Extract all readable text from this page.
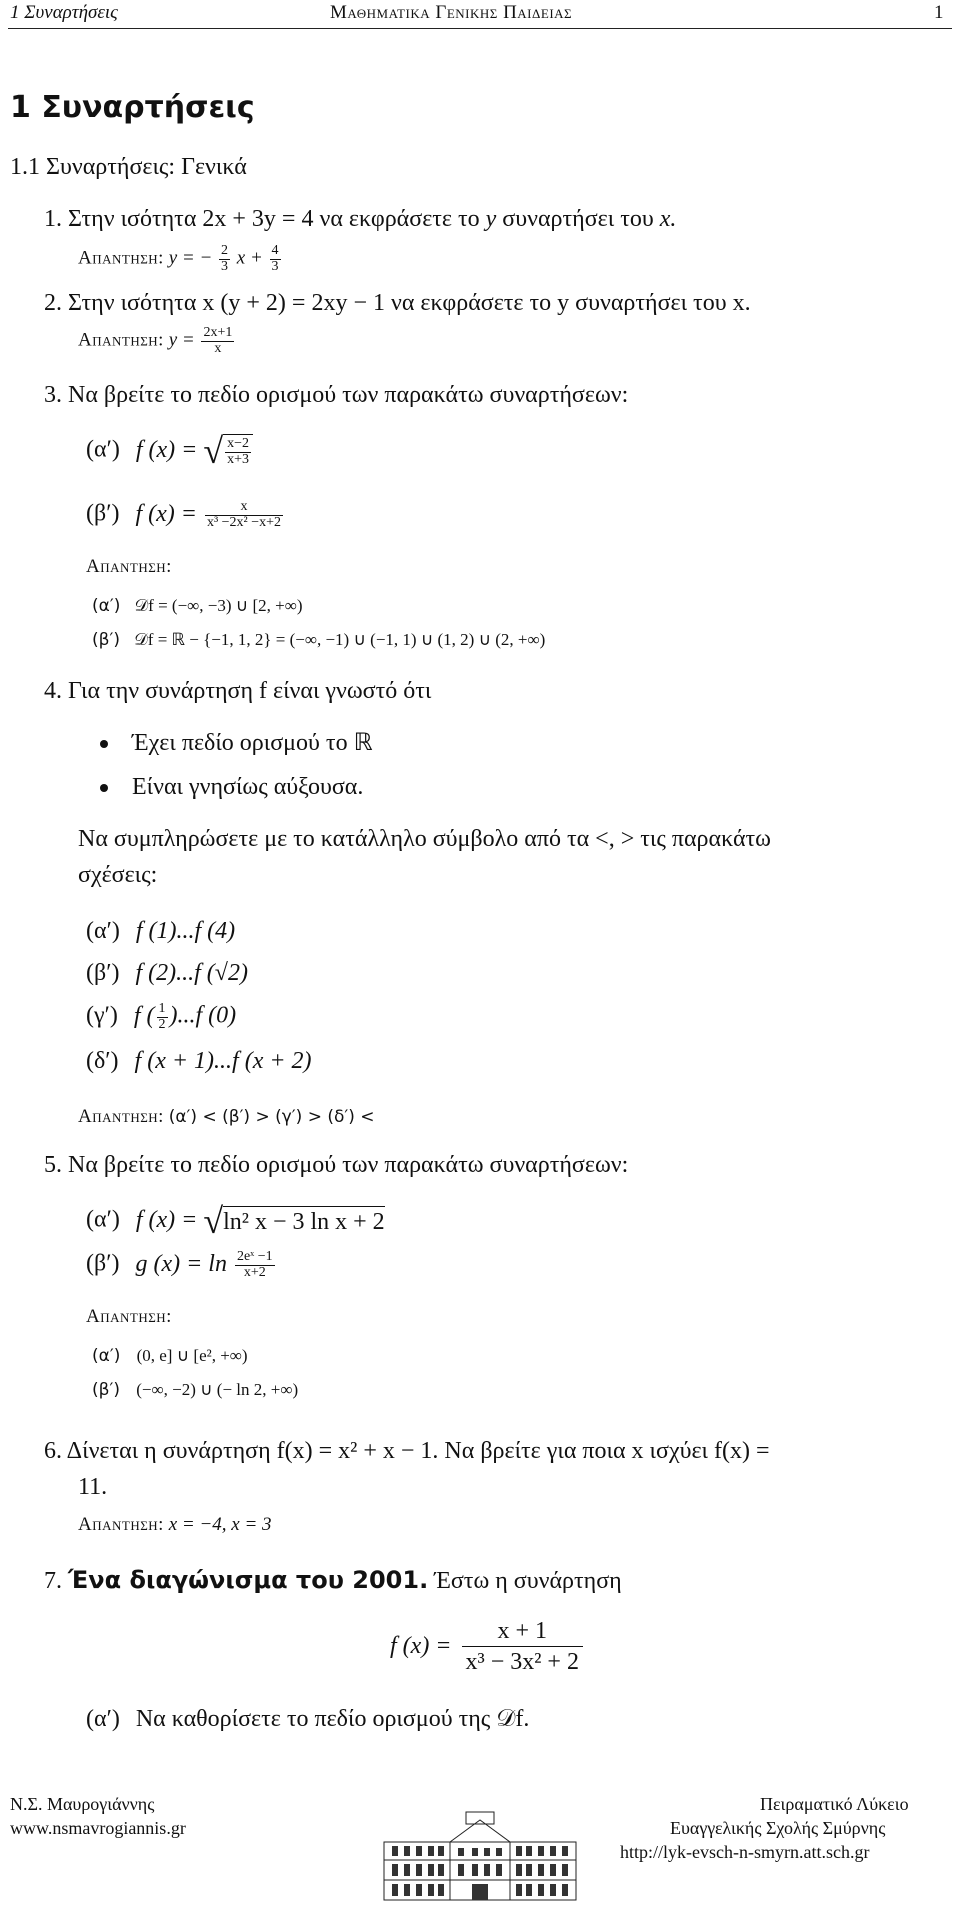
1 Συναρτήσεις	Μαθηματικα Γενικης Παιδειας	1
1 Συναρτήσεις
1.1 Συναρτήσεις: Γενικά
1. Στην ισότητα 2x + 3y = 4 να εκφράσετε το y συναρτήσει του x.
Απαντηση: y = − $\frac{2}{3}$ $x + \frac{4}{3}$
2. Στην ισότητα x (y + 2) = 2xy − 1 να εκφράσετε το y συναρτήσει του x.
Απαντηση: $y = \frac{2x+1}{x}$
3. Να βρείτε το πεδίο ορισμού των παρακάτω συναρτήσεων:
(α′) f (x) = √ $\frac{x-2}{x+3}$
(β′) f $(x) = \frac{x}{\text{x³ −2x² −x+2}}$
Απαντηση:
(α′) 𝒟f = (−∞, −3) ∪ [2, +∞)
(β′) 𝒟f = ℝ − {−1, 1, 2} = (−∞, −1) ∪ (−1, 1) ∪ (1, 2) ∪ (2, +∞)
4. Για την συνάρτηση f είναι γνωστό ότι
Έχει πεδίο ορισμού το ℝ
Είναι γνησίως αύξουσα.
Να συμπληρώσετε με το κατάλληλο σύμβολο από τα <, > τις παρακάτω
σχέσεις:
(α′) f (1)...f (4)
(β′) f (2)...f (√2)
(γ′) f ( $\frac{1}{2} )...f$ (0)
(δ′) f (x + 1)...f (x + 2)
Απαντηση: (α′) < (β′) > (γ′) > (δ′) <
5. Να βρείτε το πεδίο ορισμού των παρακάτω συναρτήσεων:
(α′) f (x) = √ln² x − 3 ln x + 2
(β′) g $(x) = \ln \frac{\text{2eˣ −1}}{x+2}$
Απαντηση:
(α′) (0, e] ∪ [e², +∞)
(β′) (−∞, −2) ∪ (− ln 2, +∞)
6. Δίνεται η συνάρτηση f(x) = x² + x − 1. Να βρείτε για ποια x ισχύει f(x) =
11.
Απαντηση: x = −4, x = 3
7. Ένα διαγώνισμα του 2001. Έστω η συνάρτηση
f $(x) = \frac{x + 1}{\text{x³ − 3x² + 2}}$
(α′) Να καθορίσετε το πεδίο ορισμού της 𝒟f.
Ν.Σ. Μαυρογιάννης
www.nsmavrogiannis.gr
Πειραματικό Λύκειο
Ευαγγελικής Σχολής Σμύρνης
http://lyk-evsch-n-smyrn.att.sch.gr
